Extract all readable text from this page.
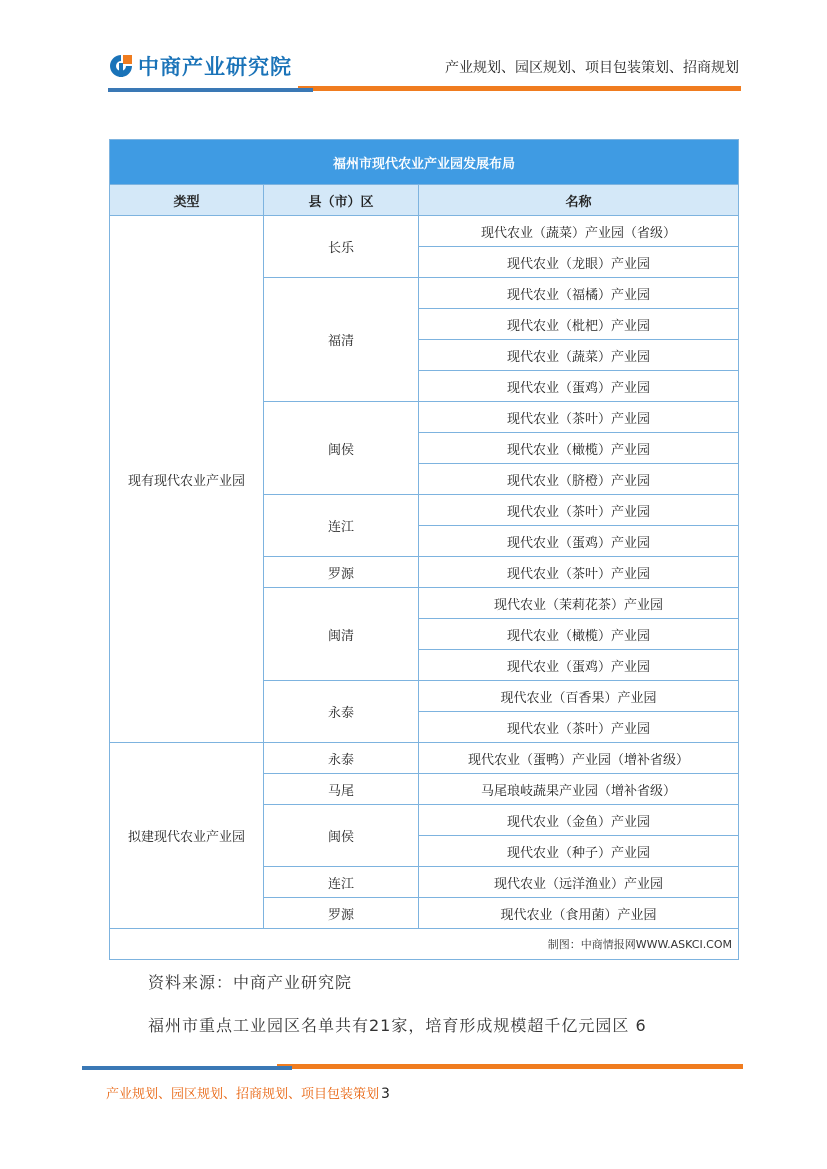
中商产业研究院	产业规划、园区规划、项目包装策划、招商规划
福州市现代农业产业园发展布局		
类型	县（市）区	名称
现有现代农业产业园	长乐	现代农业（蔬菜）产业园（省级）
		现代农业（龙眼）产业园
	福清	现代农业（福橘）产业园
		现代农业（枇杷）产业园
		现代农业（蔬菜）产业园
		现代农业（蛋鸡）产业园
	闽侯	现代农业（茶叶）产业园
		现代农业（橄榄）产业园
		现代农业（脐橙）产业园
	连江	现代农业（茶叶）产业园
		现代农业（蛋鸡）产业园
	罗源	现代农业（茶叶）产业园
	闽清	现代农业（茉莉花茶）产业园
		现代农业（橄榄）产业园
		现代农业（蛋鸡）产业园
	永泰	现代农业（百香果）产业园
		现代农业（茶叶）产业园
拟建现代农业产业园	永泰	现代农业（蛋鸭）产业园（增补省级）
	马尾	马尾琅岐蔬果产业园（增补省级）
	闽侯	现代农业（金鱼）产业园
		现代农业（种子）产业园
	连江	现代农业（远洋渔业）产业园
	罗源	现代农业（食用菌）产业园
制图：中商情报网WWW.ASKCI.COM		
资料来源：中商产业研究院
福州市重点工业园区名单共有21家，培育形成规模超千亿元园区 6
产业规划、园区规划、招商规划、项目包装策划 3
